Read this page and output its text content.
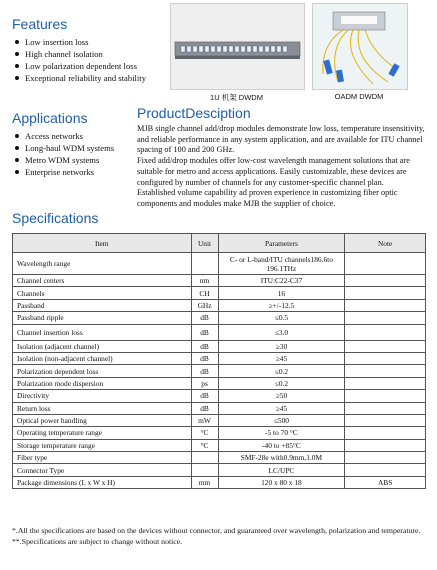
Features
Low insertion loss
High channel isolation
Low polarization dependent loss
Exceptional reliability and stability
1U 机架 DWDM	OADM DWDM
Applications
Access networks
Long-haul WDM systems
Metro WDM systems
Enterprise networks
ProductDesciption

MJB single channel add/drop modules demonstrate low loss, temperature insensitivity, and reliable performance in any system application, and are available for ITU channel spacing of 100 and 200 GHz.

Fixed add/drop modules offer low-cost wavelength management solutions that are suitable for metro and access applications. Easily customizable, these devices are configured by number of channels for any customer-specific channel plan.

Established volume capability ad proven experience in customizing fiber optic components and modules make MJB the supplier of choice.

Specifications
Item	Unit	Parameters	Note
Wavelength range		C- or L-band/ITU channels186.6to 196.1THz	
Channel centers	nm	ITU:C22-C37	
Channels	CH	16	
Passband	GHz	≥+/-12.5	
Passband ripple	dB	≤0.5	
Channel insertion loss	dB	≤3.0	
Isolation (adjacent channel)	dB	≥30	
Isolation (non-adjacent channel)	dB	≥45	
Polarization dependent loss	dB	≤0.2	
Polarization mode dispersion	ps	≤0.2	
Directivity	dB	≥50	
Return loss	dB	≥45	
Optical power handling	mW	≤500	
Operating temperature range	°C	-5 to 70 °C	
Storage temperature range	°C	-40 to +85°C	
Fiber type		SMF-28e with0.9mm,1.0M	
Connector Type		LC/UPC	
Package dimensions (L x W x H)	mm	120 x 80 x 18	ABS
*.All the specifications are based on the devices without connector, and guaranteed over wavelength, polarization and temperature.
**.Specifications are subject to change without notice.
